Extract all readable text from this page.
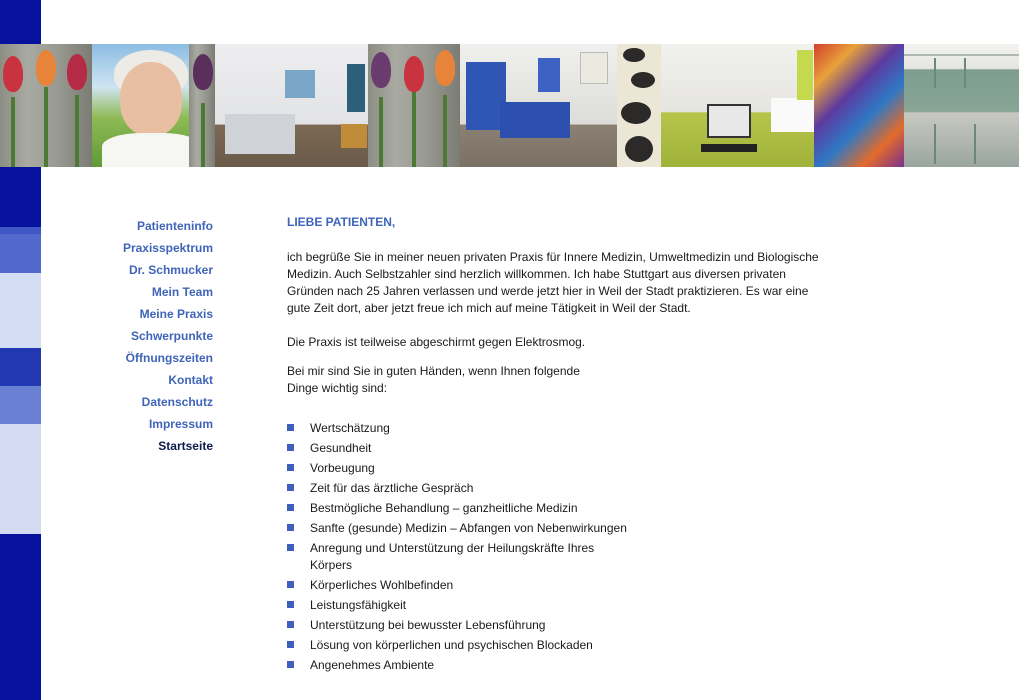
Patienteninfo
Praxisspektrum
Dr. Schmucker
Mein Team
Meine Praxis
Schwerpunkte
Öffnungszeiten
Kontakt
Datenschutz
Impressum
Startseite
LIEBE PATIENTEN,

ich begrüße Sie in meiner neuen privaten Praxis für Innere Medizin, Umweltmedizin und Biologische Medizin. Auch Selbstzahler sind herzlich willkommen. Ich habe Stuttgart aus diversen privaten Gründen nach 25 Jahren verlassen und werde jetzt hier in Weil der Stadt praktizieren. Es war eine gute Zeit dort, aber jetzt freue ich mich auf meine Tätigkeit in Weil der Stadt.

Die Praxis ist teilweise abgeschirmt gegen Elektrosmog.

Bei mir sind Sie in guten Händen, wenn Ihnen folgende Dinge wichtig sind:

Wertschätzung
Gesundheit
Vorbeugung
Zeit für das ärztliche Gespräch
Bestmögliche Behandlung – ganzheitliche Medizin
Sanfte (gesunde) Medizin – Abfangen von Nebenwirkungen
Anregung und Unterstützung der Heilungskräfte Ihres Körpers
Körperliches Wohlbefinden
Leistungsfähigkeit
Unterstützung bei bewusster Lebensführung
Lösung von körperlichen und psychischen Blockaden
Angenehmes Ambiente
